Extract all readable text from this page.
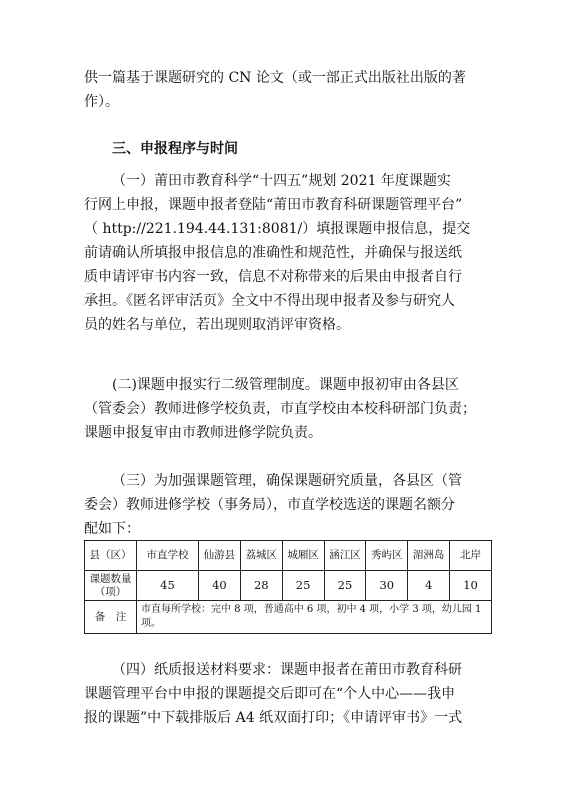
供一篇基于课题研究的 CN 论文（或一部正式出版社出版的著
作）。

三、申报程序与时间

（一）莆田市教育科学“十四五”规划 2021 年度课题实
行网上申报，课题申报者登陆“莆田市教育科研课题管理平台”
（ http://221.194.44.131:8081/）填报课题申报信息，提交
前请确认所填报申报信息的准确性和规范性，并确保与报送纸
质申请评审书内容一致，信息不对称带来的后果由申报者自行
承担。《匿名评审活页》全文中不得出现申报者及参与研究人
员的姓名与单位，若出现则取消评审资格。

(二)课题申报实行二级管理制度。课题申报初审由各县区
（管委会）教师进修学校负责，市直学校由本校科研部门负责；
课题申报复审由市教师进修学院负责。

（三）为加强课题管理，确保课题研究质量，各县区（管
委会）教师进修学校（事务局），市直学校选送的课题名额分
配如下：

县（区）	市直学校	仙游县	荔城区	城厢区	涵江区	秀屿区	湄洲岛	北岸
课题数量（项）	45	40	28	25	25	30	4	10
备　注	市直每所学校：完中 8 项，普通高中 6 项，初中 4 项，小学 3 项，幼儿园 1 项。							

（四）纸质报送材料要求：课题申报者在莆田市教育科研
课题管理平台中申报的课题提交后即可在“个人中心——我申
报的课题”中下载排版后 A4 纸双面打印；《申请评审书》一式
